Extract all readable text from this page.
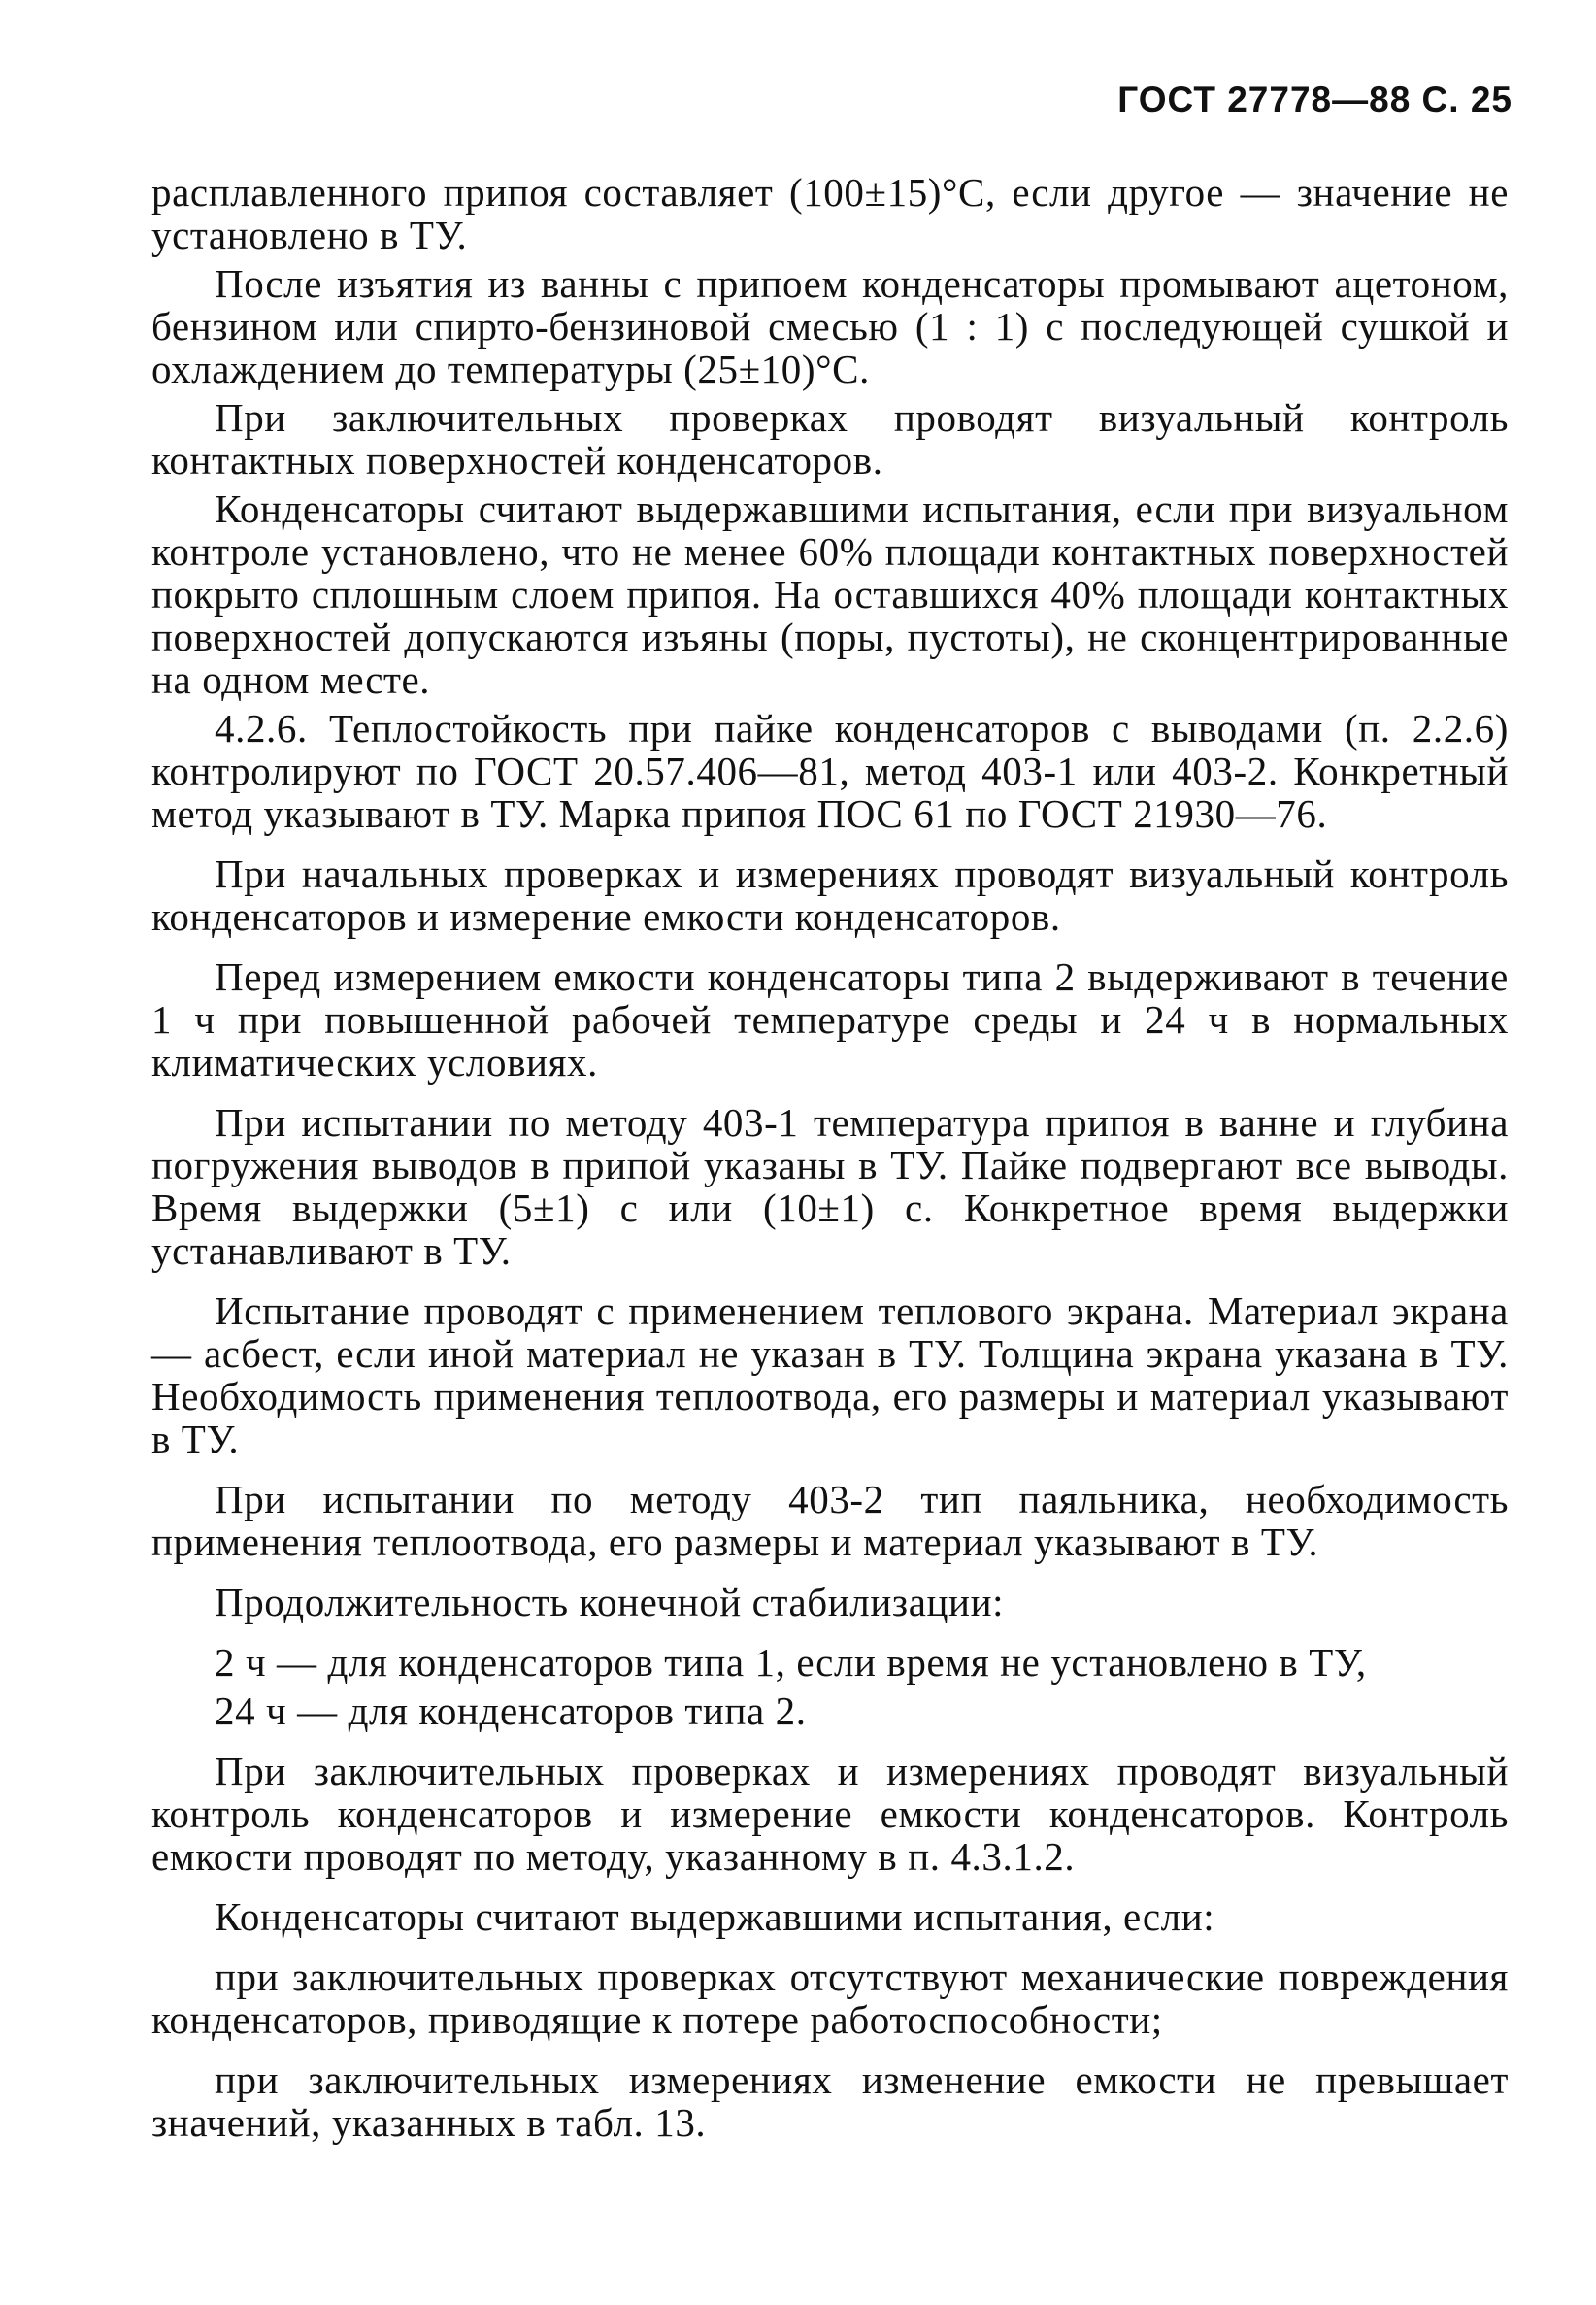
ГОСТ 27778—88 С. 25

расплавленного припоя составляет (100±15)°С, если другое — значение не установлено в ТУ.

После изъятия из ванны с припоем конденсаторы промывают ацетоном, бензином или спирто-бензиновой смесью (1 : 1) с последующей сушкой и охлаждением до температуры (25±10)°С.

При заключительных проверках проводят визуальный контроль контактных поверхностей конденсаторов.

Конденсаторы считают выдержавшими испытания, если при визуальном контроле установлено, что не менее 60% площади контактных поверхностей покрыто сплошным слоем припоя. На оставшихся 40% площади контактных поверхностей допускаются изъяны (поры, пустоты), не сконцентрированные на одном месте.

4.2.6. Теплостойкость при пайке конденсаторов с выводами (п. 2.2.6) контролируют по ГОСТ 20.57.406—81, метод 403-1 или 403-2. Конкретный метод указывают в ТУ. Марка припоя ПОС 61 по ГОСТ 21930—76.

При начальных проверках и измерениях проводят визуальный контроль конденсаторов и измерение емкости конденсаторов.

Перед измерением емкости конденсаторы типа 2 выдерживают в течение 1 ч при повышенной рабочей температуре среды и 24 ч в нормальных климатических условиях.

При испытании по методу 403-1 температура припоя в ванне и глубина погружения выводов в припой указаны в ТУ. Пайке подвергают все выводы. Время выдержки (5±1) с или (10±1) с. Конкретное время выдержки устанавливают в ТУ.

Испытание проводят с применением теплового экрана. Материал экрана — асбест, если иной материал не указан в ТУ. Толщина экрана указана в ТУ. Необходимость применения теплоотвода, его размеры и материал указывают в ТУ.

При испытании по методу 403-2 тип паяльника, необходимость применения теплоотвода, его размеры и материал указывают в ТУ.

Продолжительность конечной стабилизации:

2 ч — для конденсаторов типа 1, если время не установлено в ТУ,

24 ч — для конденсаторов типа 2.

При заключительных проверках и измерениях проводят визуальный контроль конденсаторов и измерение емкости конденсаторов. Контроль емкости проводят по методу, указанному в п. 4.3.1.2.

Конденсаторы считают выдержавшими испытания, если:

при заключительных проверках отсутствуют механические повреждения конденсаторов, приводящие к потере работоспособности;

при заключительных измерениях изменение емкости не превышает значений, указанных в табл. 13.
